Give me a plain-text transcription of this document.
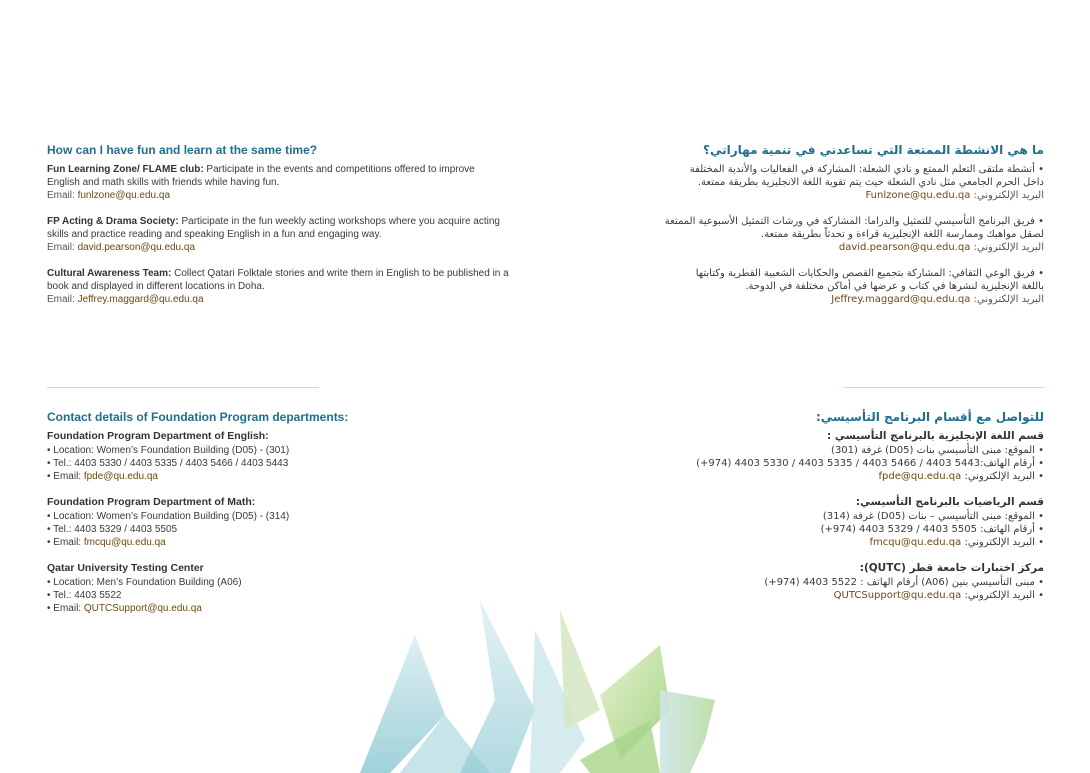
How can I have fun and learn at the same time?

Fun Learning Zone/ FLAME club: Participate in the events and competitions offered to improve

English and math skills with friends while having fun.

Email: funlzone@qu.edu.qa

FP Acting & Drama Society: Participate in the fun weekly acting workshops where you acquire acting

skills and practice reading and speaking English in a fun and engaging way.

Email: david.pearson@qu.edu.qa

Cultural Awareness Team: Collect Qatari Folktale stories and write them in English to be published in a

book and displayed in different locations in Doha.

Email: Jeffrey.maggard@qu.edu.qa

ما هي الانشطة الممتعة التي تساعدني في تنمية مهاراتي؟

• أنشطة ملتقى التعلم الممتع و نادي الشعلة: المشاركة في الفعاليات والأندية المختلفة

داخل الحرم الجامعي مثل نادي الشعلة حيث يتم تقوية اللغة الانجليزية بطريقة ممتعة.

البريد الإلكتروني: Funlzone@qu.edu.qa

• فريق البرنامج التأسيسي للتمثيل والدراما: المشاركة في ورشات التمثيل الأسبوعية الممتعة

لصقل مواهبك وممارسة اللغة الإنجليزية قراءة و تحدثاً بطريقة ممتعة.

البريد الإلكتروني: david.pearson@qu.edu.qa

• فريق الوعي الثقافي: المشاركة بتجميع القصص والحكايات الشعبية القطرية وكتابتها

باللغة الإنجليزية لنشرها في كتاب و عرضها في أماكن مختلفة في الدوحة.

البريد الإلكتروني: Jeffrey.maggard@qu.edu.qa

Contact details of Foundation Program departments:

Foundation Program Department of English:

• Location: Women’s Foundation Building (D05) - (301)

• Tel.: 4403 5330 / 4403 5335 / 4403 5466 / 4403 5443

• Email: fpde@qu.edu.qa

Foundation Program Department of Math:

• Location: Women’s Foundation Building (D05) - (314)

• Tel.: 4403 5329 / 4403 5505

• Email: fmcqu@qu.edu.qa

Qatar University Testing Center

• Location: Men’s Foundation Building (A06)

• Tel.: 4403 5522

• Email: QUTCSupport@qu.edu.qa

للتواصل مع أقسام البرنامج التأسيسي:

قسم اللغة الإنجليزية بالبرنامج التأسيسي :

• الموقع: مبنى التأسيسي بنات (D05) غرفة (301)

• أرقام الهاتف:5443 4403 / 5466 4403 / 5335 4403 / 5330 4403 (974+)

• البريد الإلكتروني: fpde@qu.edu.qa

قسم الرياضيات بالبرنامج التأسيسي:

• الموقع: مبنى التأسيسي – بنات (D05) غرفة (314)

• أرقام الهاتف: 5505 4403 / 5329 4403 (974+)

• البريد الإلكتروني: fmcqu@qu.edu.qa

مركز اختبارات جامعة قطر (QUTC):

• مبنى التأسيسي بنين (A06) أرقام الهاتف : 5522 4403 (974+)

• البريد الإلكتروني: QUTCSupport@qu.edu.qa
